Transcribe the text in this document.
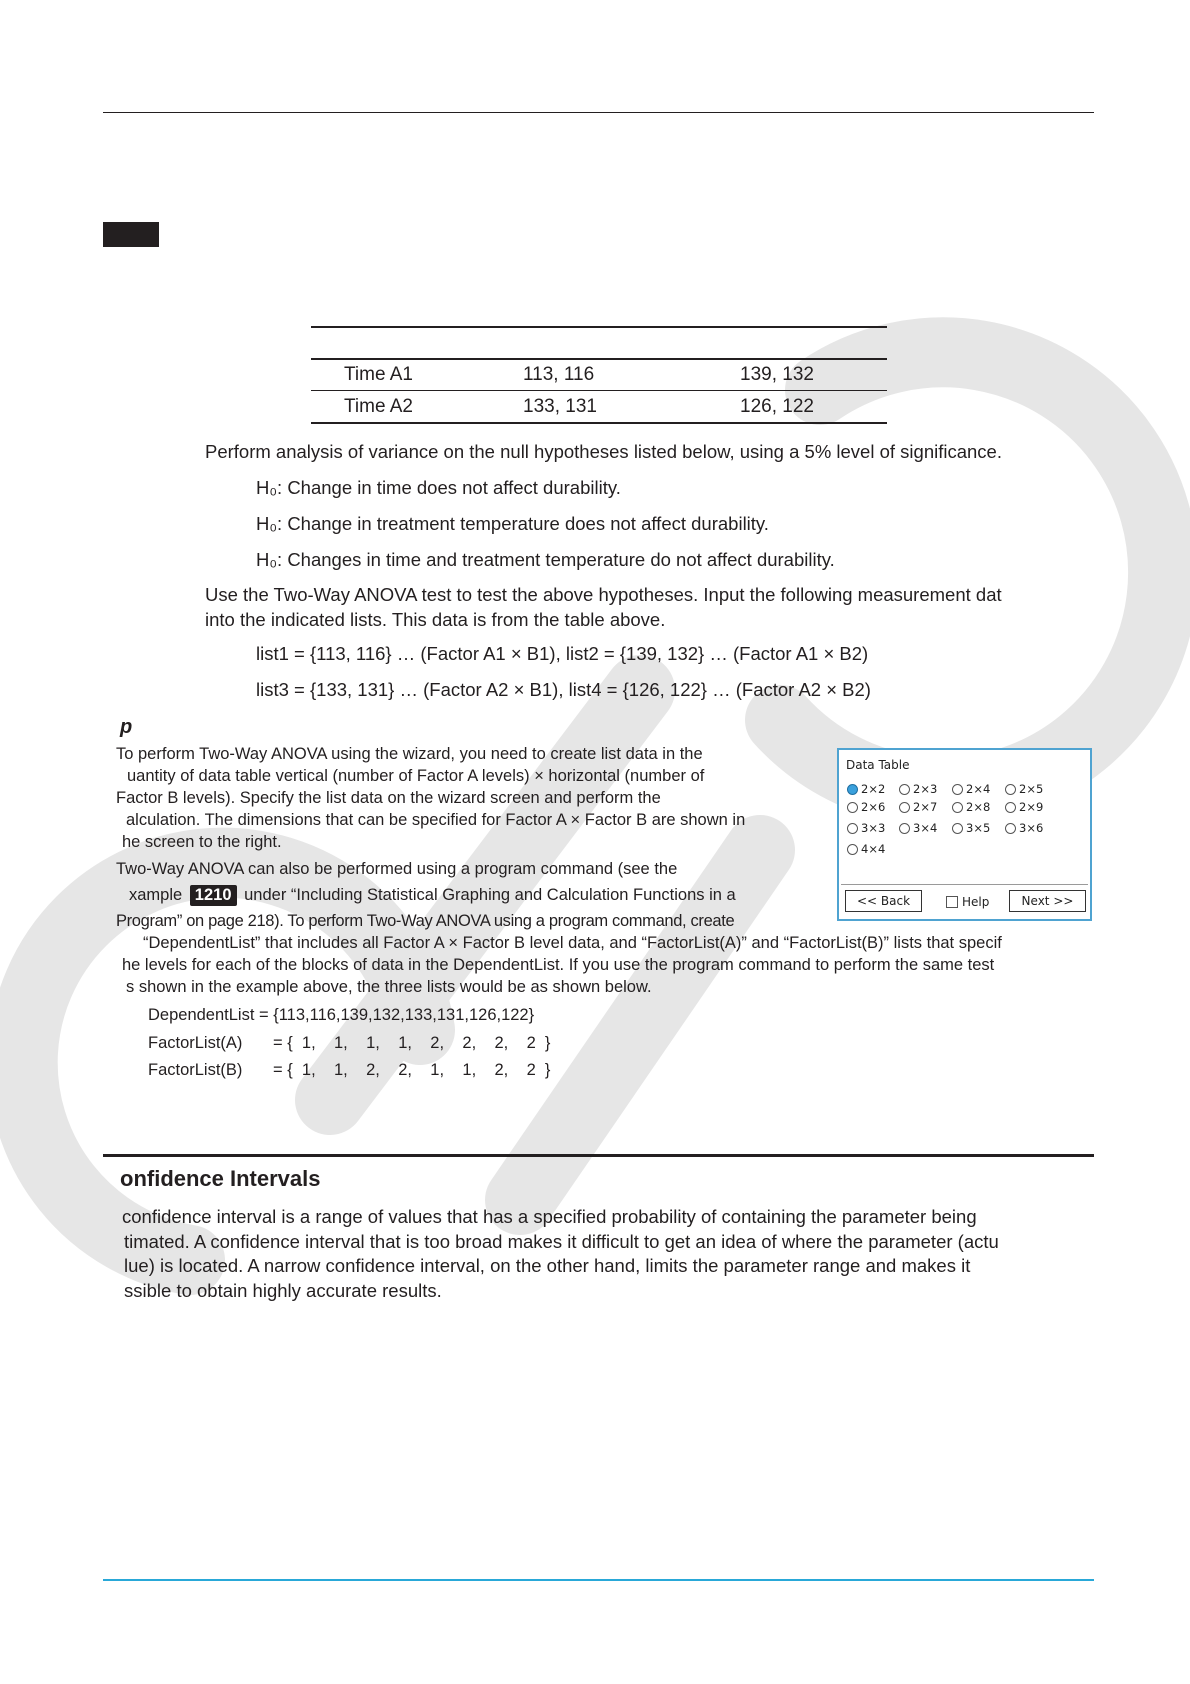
Time A1	113, 116	139, 132
Time A2	133, 131	126, 122
Perform analysis of variance on the null hypotheses listed below, using a 5% level of significance.
H₀: Change in time does not affect durability.
H₀: Change in treatment temperature does not affect durability.
H₀: Changes in time and treatment temperature do not affect durability.
Use the Two-Way ANOVA test to test the above hypotheses. Input the following measurement dat
into the indicated lists. This data is from the table above.
list1 = {113, 116} … (Factor A1 × B1), list2 = {139, 132} … (Factor A1 × B2)
list3 = {133, 131} … (Factor A2 × B1), list4 = {126, 122} … (Factor A2 × B2)
p
To perform Two-Way ANOVA using the wizard, you need to create list data in the
uantity of data table vertical (number of Factor A levels) × horizontal (number of
Factor B levels). Specify the list data on the wizard screen and perform the
alculation. The dimensions that can be specified for Factor A × Factor B are shown in
he screen to the right.
Two-Way ANOVA can also be performed using a program command (see the
xample 1210 under “Including Statistical Graphing and Calculation Functions in a
Program” on page 218). To perform Two-Way ANOVA using a program command, create
“DependentList” that includes all Factor A × Factor B level data, and “FactorList(A)” and “FactorList(B)” lists that specif
he levels for each of the blocks of data in the DependentList. If you use the program command to perform the same test
s shown in the example above, the three lists would be as shown below.
DependentList = {113,116,139,132,133,131,126,122}
FactorList(A) = {  1,    1,    1,    1,    2,    2,    2,    2  }
FactorList(B) = {  1,    1,    2,    2,    1,    1,    2,    2  }
Data Table
2×2 2×3 2×4 2×5
2×6 2×7 2×8 2×9
3×3 3×4 3×5 3×6
4×4
<< Back	Help	Next >>
onfidence Intervals
confidence interval is a range of values that has a specified probability of containing the parameter being
timated. A confidence interval that is too broad makes it difficult to get an idea of where the parameter (actu
lue) is located. A narrow confidence interval, on the other hand, limits the parameter range and makes it
ssible to obtain highly accurate results.
